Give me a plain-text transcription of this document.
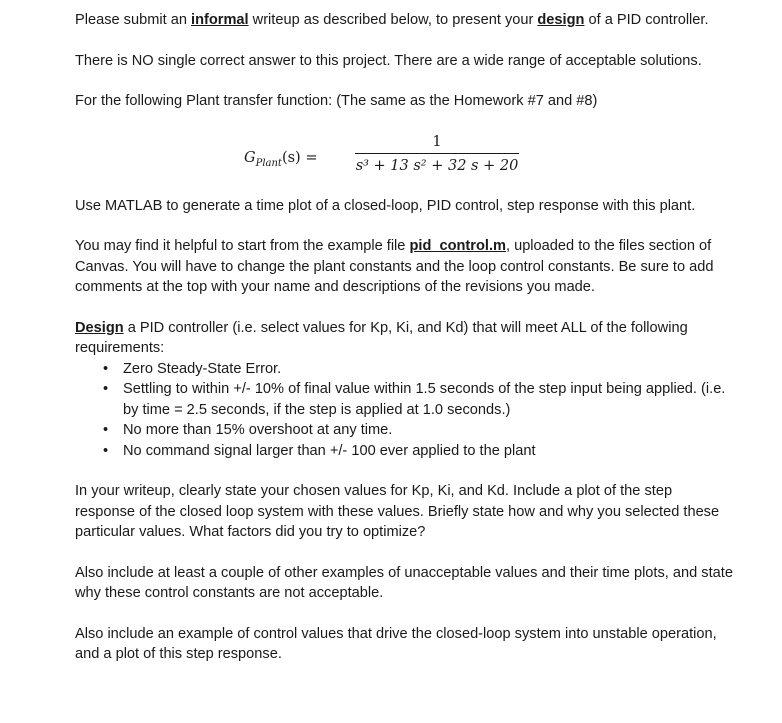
Please submit an informal writeup as described below, to present your design of a PID controller.

There is NO single correct answer to this project. There are a wide range of acceptable solutions.

For the following Plant transfer function: (The same as the Homework #7 and #8)

$G_{Plant}(s)$ =
1
s³ + 13 s² + 32 s + 20

Use MATLAB to generate a time plot of a closed-loop, PID control, step response with this plant.

You may find it helpful to start from the example file pid_control.m, uploaded to the files section of Canvas. You will have to change the plant constants and the loop control constants. Be sure to add comments at the top with your name and descriptions of the revisions you made.

Design a PID controller (i.e. select values for Kp, Ki, and Kd) that will meet ALL of the following requirements:

• Zero Steady-State Error.
• Settling to within +/- 10% of final value within 1.5 seconds of the step input being applied. (i.e. by time = 2.5 seconds, if the step is applied at 1.0 seconds.)
• No more than 15% overshoot at any time.
• No command signal larger than +/- 100 ever applied to the plant

In your writeup, clearly state your chosen values for Kp, Ki, and Kd. Include a plot of the step response of the closed loop system with these values. Briefly state how and why you selected these particular values. What factors did you try to optimize?

Also include at least a couple of other examples of unacceptable values and their time plots, and state why these control constants are not acceptable.

Also include an example of control values that drive the closed-loop system into unstable operation, and a plot of this step response.
